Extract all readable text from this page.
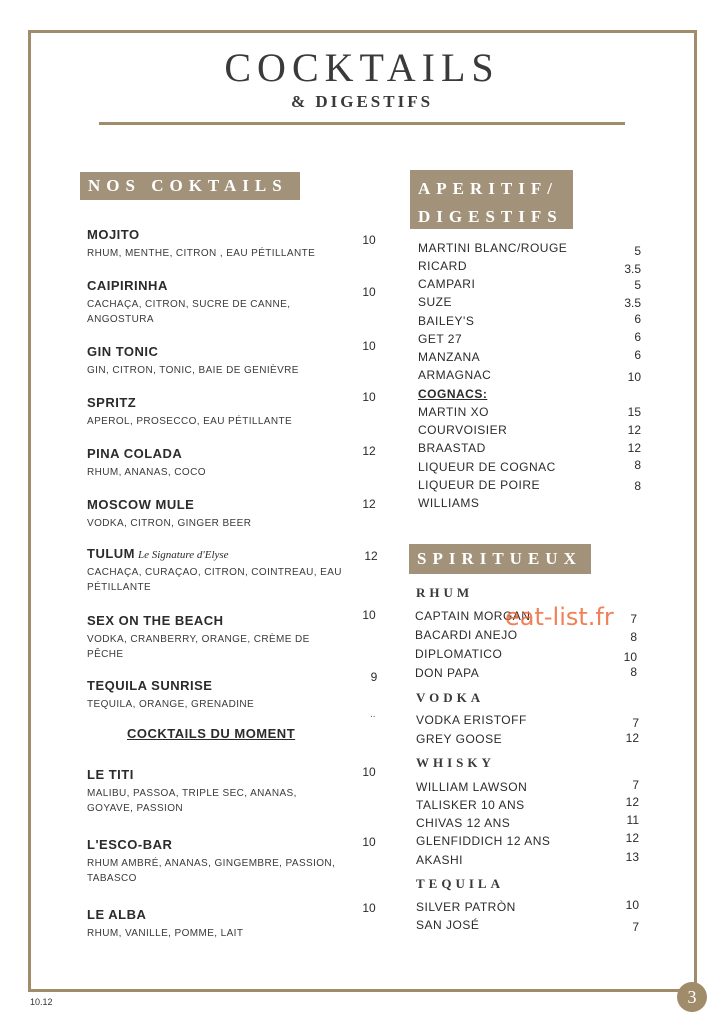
COCKTAILS
& DIGESTIFS
NOS COKTAILS
MOJITO
RHUM, MENTHE, CITRON , EAU PÉTILLANTE
10
CAIPIRINHA
CACHAÇA, CITRON, SUCRE DE CANNE, ANGOSTURA
10
GIN TONIC
GIN, CITRON, TONIC, BAIE DE GENIÈVRE
10
SPRITZ
APEROL, PROSECCO, EAU PÉTILLANTE
10
PINA COLADA
RHUM, ANANAS, COCO
12
MOSCOW MULE
VODKA, CITRON, GINGER BEER
12
TULUM Le Signature d'Elyse
CACHAÇA, CURAÇAO, CITRON, COINTREAU, EAU PÉTILLANTE
12
SEX ON THE BEACH
VODKA, CRANBERRY, ORANGE, CRÈME DE PÊCHE
10
TEQUILA SUNRISE
TEQUILA, ORANGE, GRENADINE
9
..
COCKTAILS DU MOMENT
LE TITI
MALIBU, PASSOA, TRIPLE SEC, ANANAS, GOYAVE, PASSION
10
L'ESCO-BAR
RHUM AMBRÉ, ANANAS, GINGEMBRE, PASSION, TABASCO
10
LE ALBA
RHUM, VANILLE, POMME, LAIT
10
APERITIF/
DIGESTIFS
MARTINI BLANC/ROUGE	5
RICARD	3.5
CAMPARI	5
SUZE	3.5
BAILEY'S	6
GET 27	6
MANZANA	6
ARMAGNAC	10
COGNACS:
MARTIN XO	15
COURVOISIER	12
BRAASTAD	12
LIQUEUR DE COGNAC	8
LIQUEUR DE POIRE	8
WILLIAMS
SPIRITUEUX
RHUM
CAPTAIN MORGAN	7
BACARDI ANEJO	8
DIPLOMATICO	10
DON PAPA	8
VODKA
VODKA ERISTOFF	7
GREY GOOSE	12
WHISKY
WILLIAM LAWSON	7
TALISKER 10 ANS	12
CHIVAS 12 ANS	11
GLENFIDDICH 12 ANS	12
AKASHI	13
TEQUILA
SILVER PATRÒN	10
SAN JOSÉ	7
eat-list.fr
10.12	3
